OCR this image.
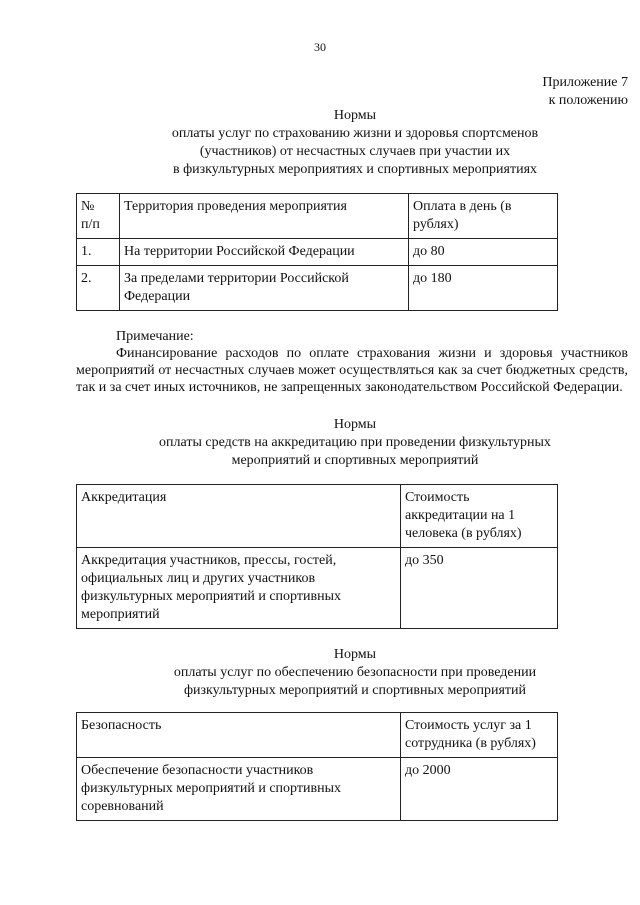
30
Приложение 7
к положению
Нормы
оплаты услуг по страхованию жизни и здоровья спортсменов
(участников) от несчастных случаев при участии их
в физкультурных мероприятиях и спортивных мероприятиях
№
п/п	Территория проведения мероприятия	Оплата в день (в рублях)
1.	На территории Российской Федерации	до 80
2.	За пределами территории Российской Федерации	до 180

Примечание:

Финансирование расходов по оплате страхования жизни и здоровья участников мероприятий от несчастных случаев может осуществляться как за счет бюджетных средств, так и за счет иных источников, не запрещенных законодательством Российской Федерации.

Нормы
оплаты средств на аккредитацию при проведении физкультурных
мероприятий и спортивных мероприятий
Аккредитация	Стоимость аккредитации на 1 человека (в рублях)
Аккредитация участников, прессы, гостей, официальных лиц и других участников физкультурных мероприятий и спортивных мероприятий	до 350
Нормы
оплаты услуг по обеспечению безопасности при проведении
физкультурных мероприятий и спортивных мероприятий
Безопасность	Стоимость услуг за 1 сотрудника (в рублях)
Обеспечение безопасности участников физкультурных мероприятий и спортивных соревнований	до 2000
